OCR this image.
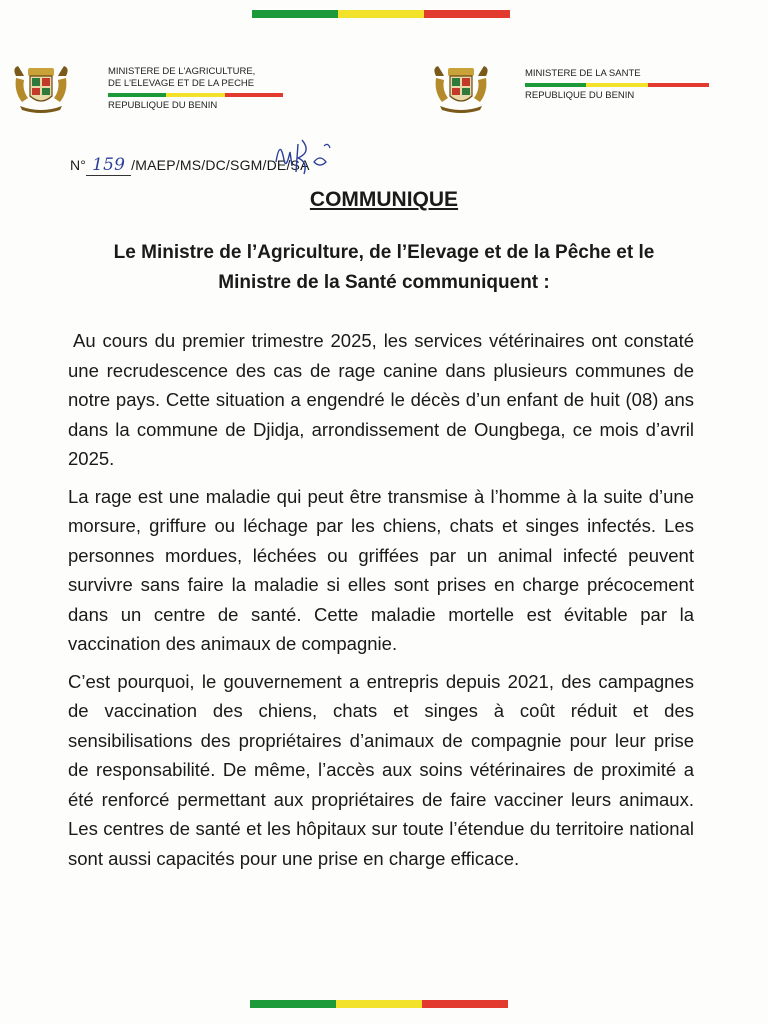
MINISTERE DE L'AGRICULTURE,
DE L'ELEVAGE ET DE LA PECHE
REPUBLIQUE DU BENIN
MINISTERE DE LA SANTE
REPUBLIQUE DU BENIN
N° 159 /MAEP/MS/DC/SGM/DE/SA
COMMUNIQUE
Le Ministre de l’Agriculture, de l’Elevage et de la Pêche et le
Ministre de la Santé communiquent :

Au cours du premier trimestre 2025, les services vétérinaires ont constaté une recrudescence des cas de rage canine dans plusieurs communes de notre pays. Cette situation a engendré le décès d’un enfant de huit (08) ans dans la commune de Djidja, arrondissement de Oungbega, ce mois d’avril 2025.

La rage est une maladie qui peut être transmise à l’homme à la suite d’une morsure, griffure ou léchage par les chiens, chats et singes infectés. Les personnes mordues, léchées ou griffées par un animal infecté peuvent survivre sans faire la maladie si elles sont prises en charge précocement dans un centre de santé. Cette maladie mortelle est évitable par la vaccination des animaux de compagnie.

C’est pourquoi, le gouvernement a entrepris depuis 2021, des campagnes de vaccination des chiens, chats et singes à coût réduit et des sensibilisations des propriétaires d’animaux de compagnie pour leur prise de responsabilité. De même, l’accès aux soins vétérinaires de proximité a été renforcé permettant aux propriétaires de faire vacciner leurs animaux. Les centres de santé et les hôpitaux sur toute l’étendue du territoire national sont aussi capacités pour une prise en charge efficace.
